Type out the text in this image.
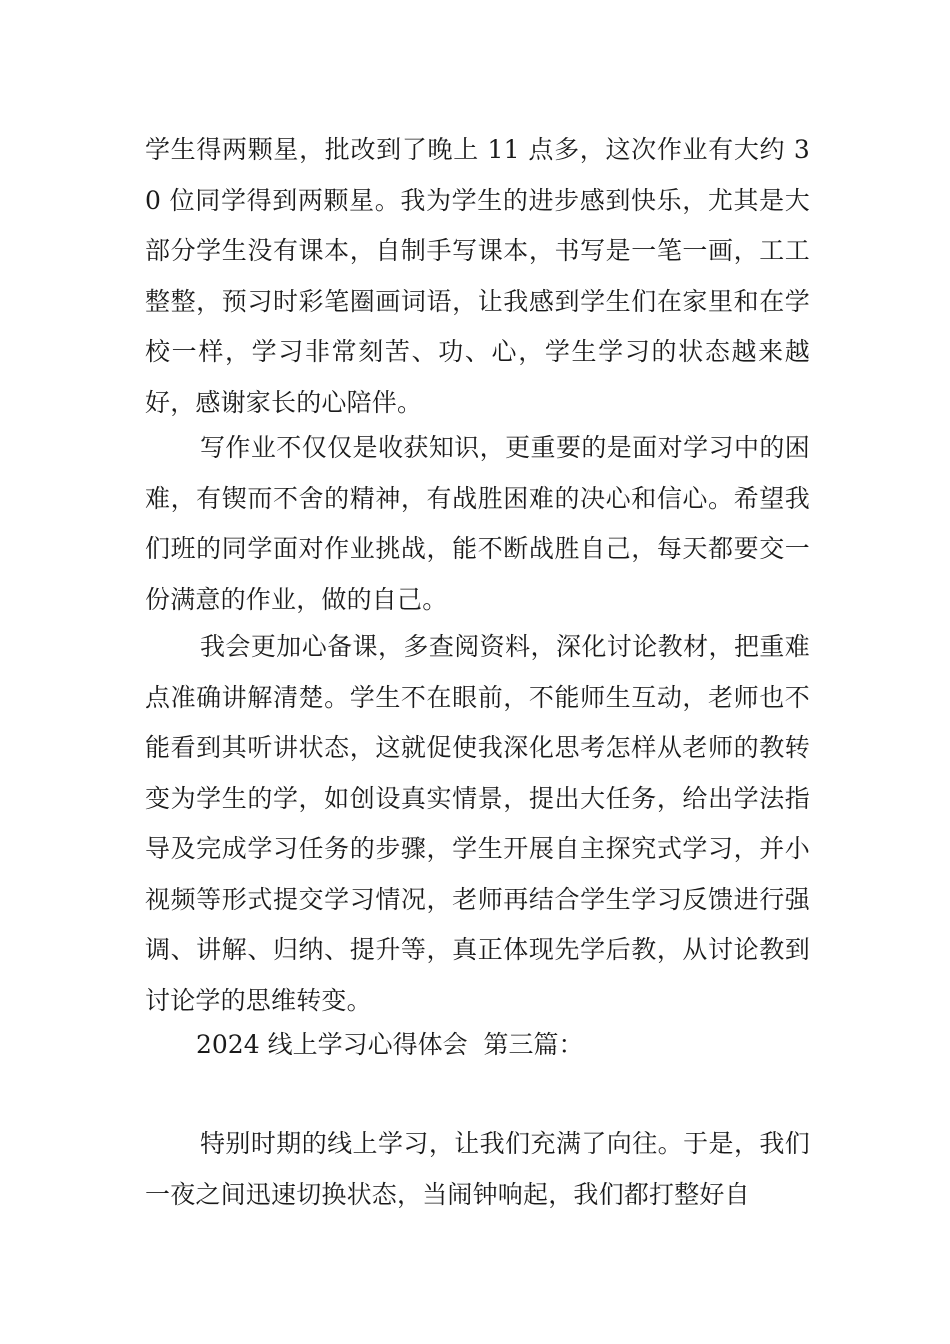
学生得两颗星，批改到了晚上 11 点多，这次作业有大约 30 位同学得到两颗星。我为学生的进步感到快乐，尤其是大部分学生没有课本，自制手写课本，书写是一笔一画，工工整整，预习时彩笔圈画词语，让我感到学生们在家里和在学校一样，学习非常刻苦、功、心，学生学习的状态越来越好，感谢家长的心陪伴。

写作业不仅仅是收获知识，更重要的是面对学习中的困难，有锲而不舍的精神，有战胜困难的决心和信心。希望我们班的同学面对作业挑战，能不断战胜自己，每天都要交一份满意的作业，做的自己。

我会更加心备课，多查阅资料，深化讨论教材，把重难点准确讲解清楚。学生不在眼前，不能师生互动，老师也不能看到其听讲状态，这就促使我深化思考怎样从老师的教转变为学生的学，如创设真实情景，提出大任务，给出学法指导及完成学习任务的步骤，学生开展自主探究式学习，并小视频等形式提交学习情况，老师再结合学生学习反馈进行强调、讲解、归纳、提升等，真正体现先学后教，从讨论教到讨论学的思维转变。

2024 线上学习心得体会  第三篇：

特别时期的线上学习，让我们充满了向往。于是，我们一夜之间迅速切换状态，当闹钟响起，我们都打整好自
